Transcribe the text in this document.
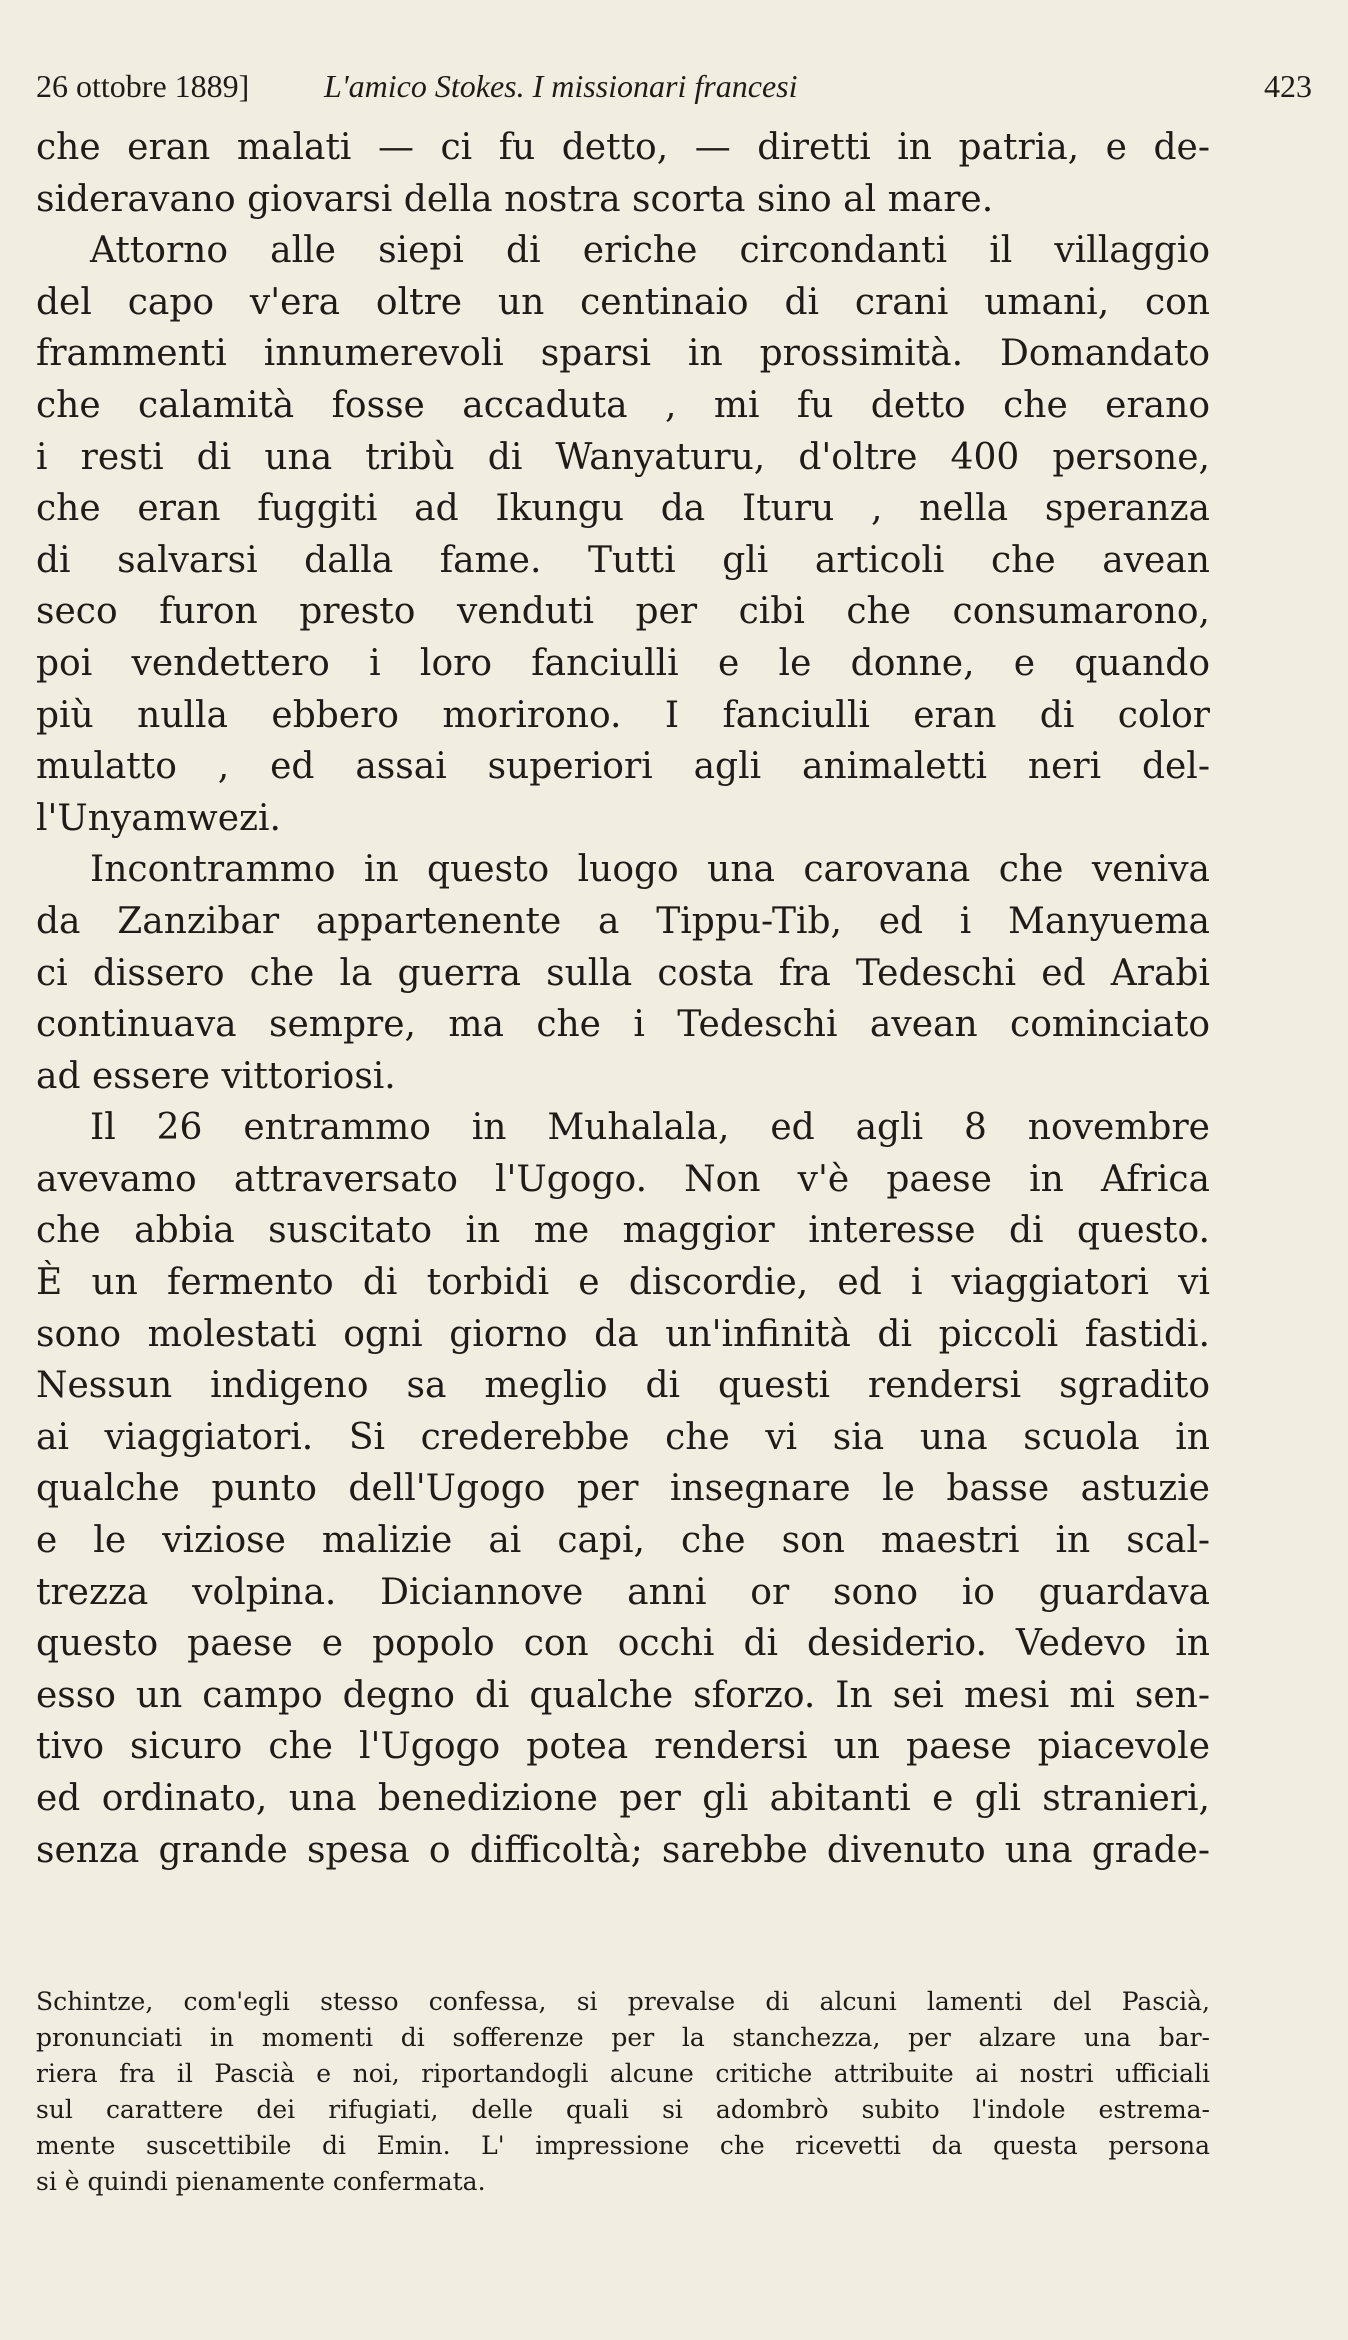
26 ottobre 1889] L'amico Stokes. I missionari francesi	423
che eran malati — ci fu detto, — diretti in patria, e de-
sideravano giovarsi della nostra scorta sino al mare.
Attorno alle siepi di eriche circondanti il villaggio
del capo v'era oltre un centinaio di crani umani, con
frammenti innumerevoli sparsi in prossimità. Domandato
che calamità fosse accaduta , mi fu detto che erano
i resti di una tribù di Wanyaturu, d'oltre 400 persone,
che eran fuggiti ad Ikungu da Ituru , nella speranza
di salvarsi dalla fame. Tutti gli articoli che avean
seco furon presto venduti per cibi che consumarono,
poi vendettero i loro fanciulli e le donne, e quando
più nulla ebbero morirono. I fanciulli eran di color
mulatto , ed assai superiori agli animaletti neri del-
l'Unyamwezi.
Incontrammo in questo luogo una carovana che veniva
da Zanzibar appartenente a Tippu-Tib, ed i Manyuema
ci dissero che la guerra sulla costa fra Tedeschi ed Arabi
continuava sempre, ma che i Tedeschi avean cominciato
ad essere vittoriosi.
Il 26 entrammo in Muhalala, ed agli 8 novembre
avevamo attraversato l'Ugogo. Non v'è paese in Africa
che abbia suscitato in me maggior interesse di questo.
È un fermento di torbidi e discordie, ed i viaggiatori vi
sono molestati ogni giorno da un'infinità di piccoli fastidi.
Nessun indigeno sa meglio di questi rendersi sgradito
ai viaggiatori. Si crederebbe che vi sia una scuola in
qualche punto dell'Ugogo per insegnare le basse astuzie
e le viziose malizie ai capi, che son maestri in scal-
trezza volpina. Diciannove anni or sono io guardava
questo paese e popolo con occhi di desiderio. Vedevo in
esso un campo degno di qualche sforzo. In sei mesi mi sen-
tivo sicuro che l'Ugogo potea rendersi un paese piacevole
ed ordinato, una benedizione per gli abitanti e gli stranieri,
senza grande spesa o difficoltà; sarebbe divenuto una grade-
Schintze, com'egli stesso confessa, si prevalse di alcuni lamenti del Pascià,
pronunciati in momenti di sofferenze per la stanchezza, per alzare una bar-
riera fra il Pascià e noi, riportandogli alcune critiche attribuite ai nostri ufficiali
sul carattere dei rifugiati, delle quali si adombrò subito l'indole estrema-
mente suscettibile di Emin. L' impressione che ricevetti da questa persona
si è quindi pienamente confermata.
